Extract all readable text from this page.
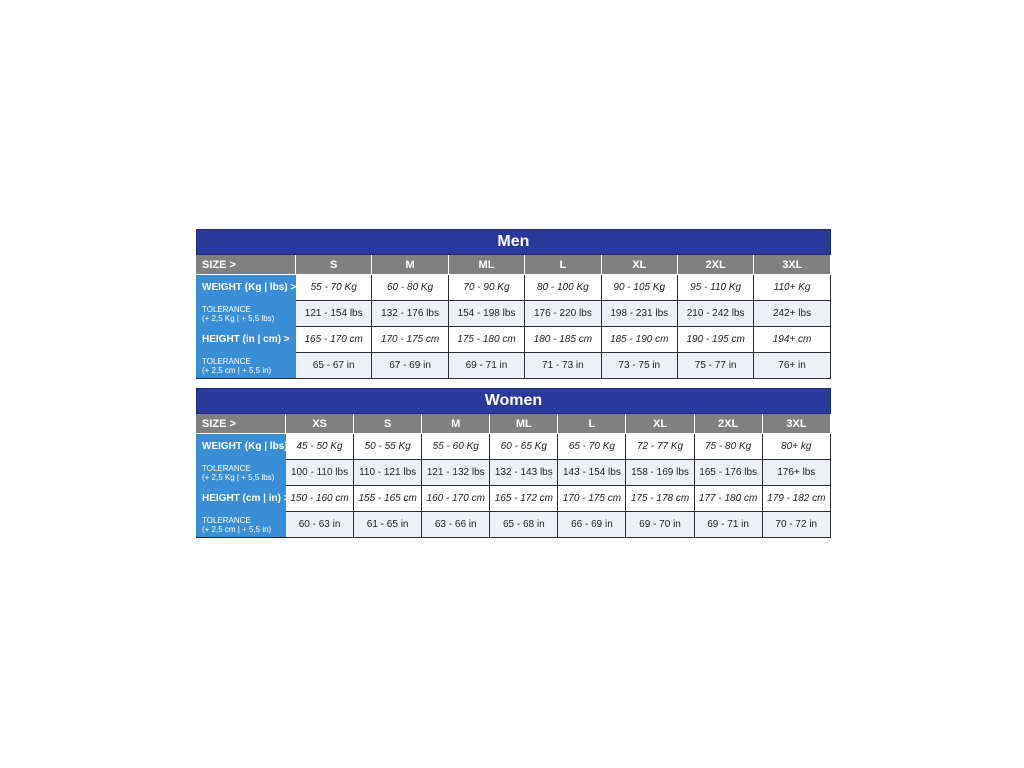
Men							
SIZE >	S	M	ML	L	XL	2XL	3XL
WEIGHT (Kg | lbs) >	55 - 70 Kg	60 - 80 Kg	70 - 90 Kg	80 - 100 Kg	90 - 105 Kg	95 - 110 Kg	110+ Kg

TOLERANCE
(+ 2,5 Kg | + 5,5 lbs)	121 - 154 lbs	132 - 176 lbs	154 - 198 lbs	176 - 220 lbs	198 - 231 lbs	210 - 242 lbs	242+ lbs
HEIGHT (in | cm) >	165 - 170 cm	170 - 175 cm	175 - 180 cm	180 - 185 cm	185 - 190 cm	190 - 195 cm	194+ cm

TOLERANCE
(+ 2,5 cm | + 5,5 in)	65 - 67 in	67 - 69 in	69 - 71 in	71 - 73 in	73 - 75 in	75 - 77 in	76+ in
Women								
SIZE >	XS	S	M	ML	L	XL	2XL	3XL
WEIGHT (Kg | lbs) >	45 - 50 Kg	50 - 55 Kg	55 - 60 Kg	60 - 65 Kg	65 - 70 Kg	72 - 77 Kg	75 - 80 Kg	80+ kg

TOLERANCE
(+ 2,5 Kg | + 5,5 lbs)	100 - 110 lbs	110 - 121 lbs	121 - 132 lbs	132 - 143 lbs	143 - 154 lbs	158 - 169 lbs	165 - 176 lbs	176+ lbs
HEIGHT (cm | in) >	150 - 160 cm	155 - 165 cm	160 - 170 cm	165 - 172 cm	170 - 175 cm	175 - 178 cm	177 - 180 cm	179 - 182 cm

TOLERANCE
(+ 2,5 cm | + 5,5 in)	60 - 63 in	61 - 65 in	63 - 66 in	65 - 68 in	66 - 69 in	69 - 70 in	69 - 71 in	70 - 72 in
